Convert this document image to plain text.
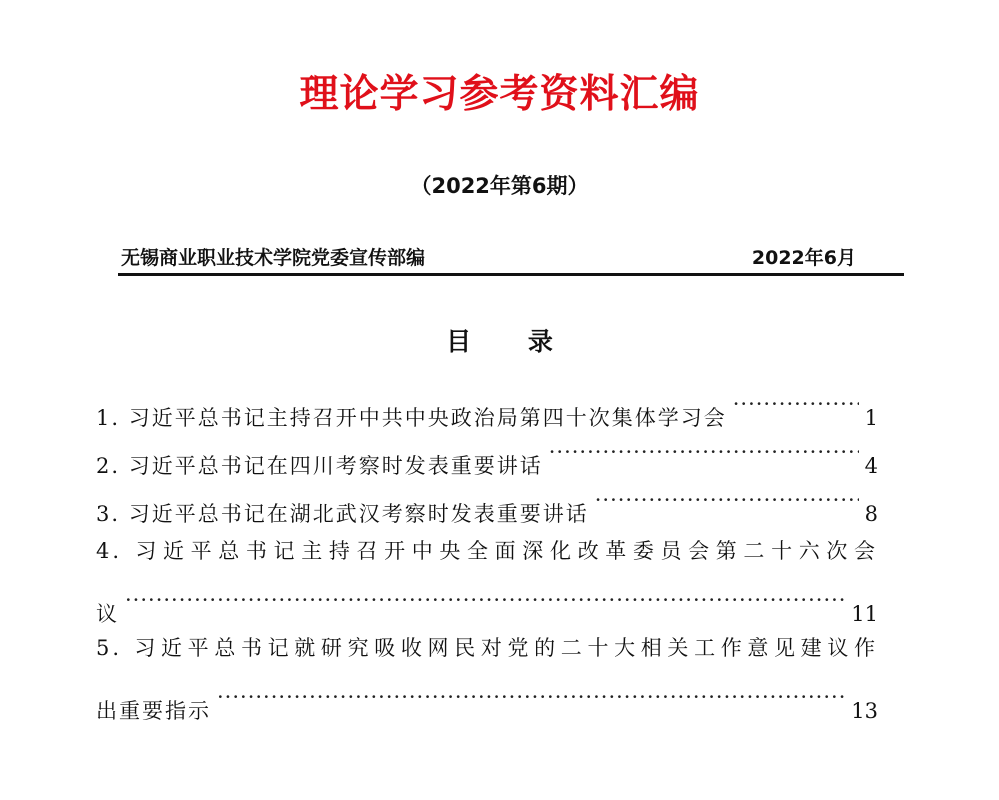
理论学习参考资料汇编
（2022年第6期）
无锡商业职业技术学院党委宣传部编	2022年6月
目 录
1. 习近平总书记主持召开中共中央政治局第四十次集体学习会 ·····	1
2. 习近平总书记在四川考察时发表重要讲话 ·····	4
3. 习近平总书记在湖北武汉考察时发表重要讲话 ·····	8
4. 习近平总书记主持召开中央全面深化改革委员会第二十六次会
议 ·····	11
5. 习近平总书记就研究吸收网民对党的二十大相关工作意见建议作
出重要指示 ·····	13
